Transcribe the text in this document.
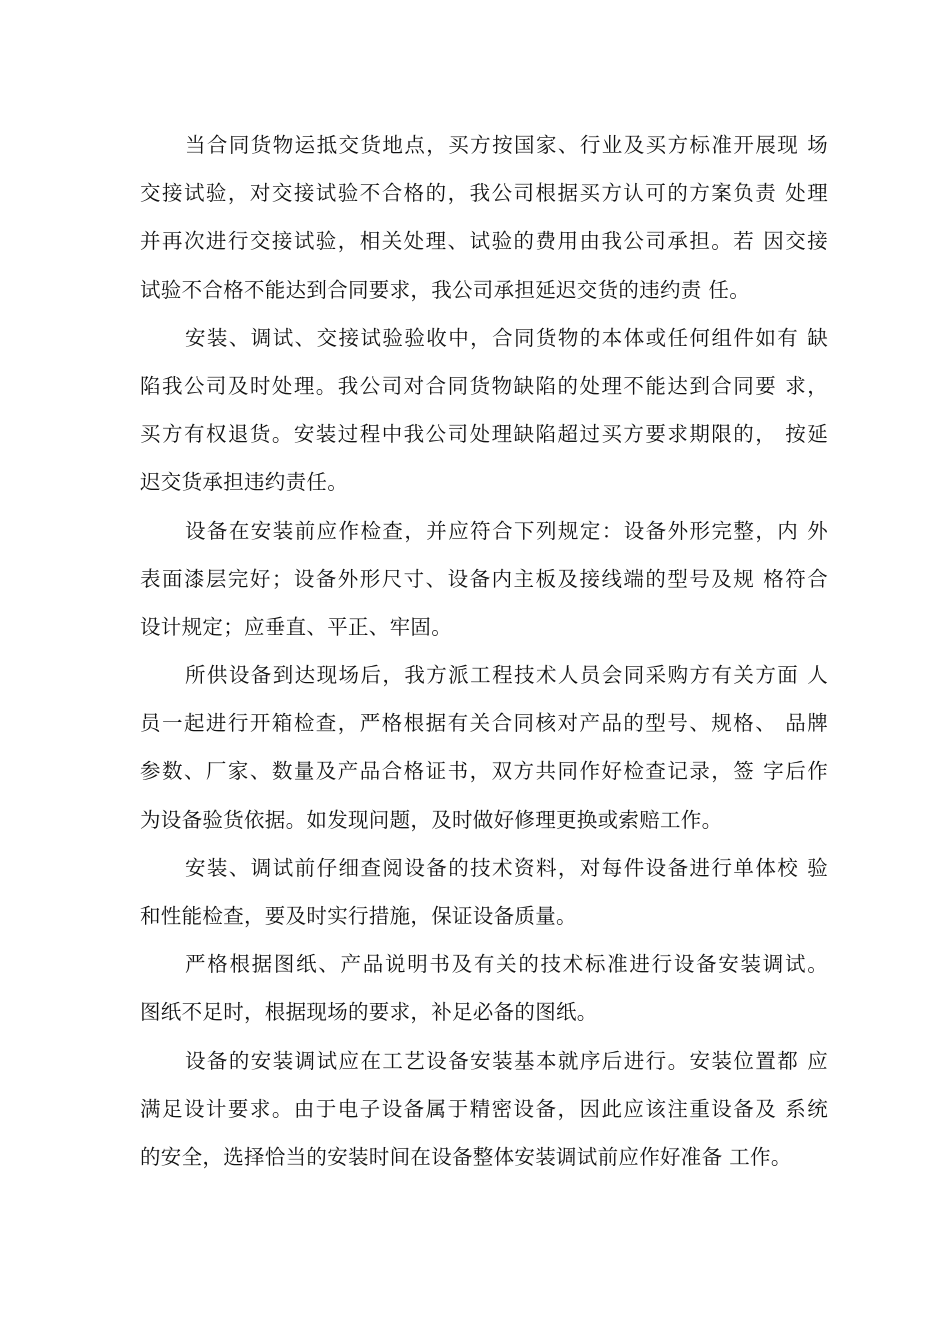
当合同货物运抵交货地点，买方按国家、行业及买方标准开展现 场
交接试验，对交接试验不合格的，我公司根据买方认可的方案负责 处理
并再次进行交接试验，相关处理、试验的费用由我公司承担。若 因交接
试验不合格不能达到合同要求，我公司承担延迟交货的违约责 任。
安装、调试、交接试验验收中，合同货物的本体或任何组件如有 缺
陷我公司及时处理。我公司对合同货物缺陷的处理不能达到合同要 求，
买方有权退货。安装过程中我公司处理缺陷超过买方要求期限的， 按延
迟交货承担违约责任。
设备在安装前应作检查，并应符合下列规定：设备外形完整，内 外
表面漆层完好；设备外形尺寸、设备内主板及接线端的型号及规 格符合
设计规定；应垂直、平正、牢固。
所供设备到达现场后，我方派工程技术人员会同采购方有关方面 人
员一起进行开箱检查，严格根据有关合同核对产品的型号、规格、 品牌
参数、厂家、数量及产品合格证书，双方共同作好检查记录，签 字后作
为设备验货依据。如发现问题，及时做好修理更换或索赔工作。
安装、调试前仔细查阅设备的技术资料，对每件设备进行单体校 验
和性能检查，要及时实行措施，保证设备质量。
严格根据图纸、产品说明书及有关的技术标准进行设备安装调试。
图纸不足时，根据现场的要求，补足必备的图纸。
设备的安装调试应在工艺设备安装基本就序后进行。安装位置都 应
满足设计要求。由于电子设备属于精密设备，因此应该注重设备及 系统
的安全，选择恰当的安装时间在设备整体安装调试前应作好准备 工作。
